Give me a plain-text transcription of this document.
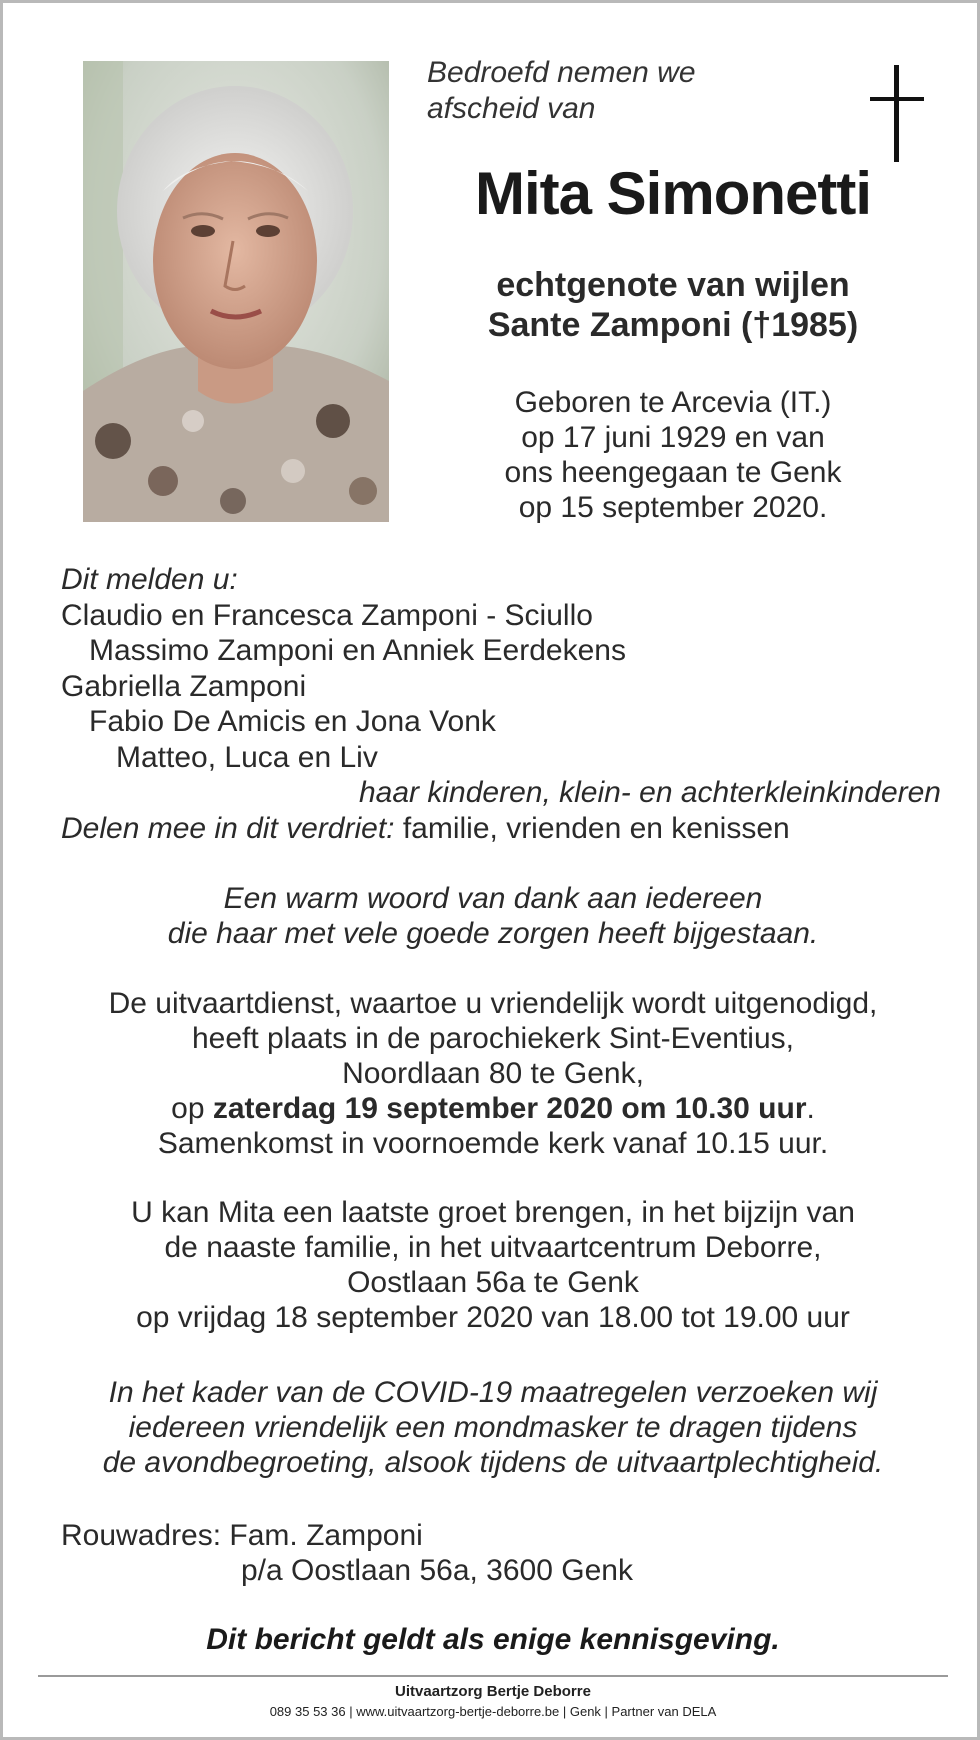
Bedroefd nemen we
afscheid van
Mita Simonetti
echtgenote van wijlen
Sante Zamponi (†1985)
Geboren te Arcevia (IT.)
op 17 juni 1929 en van
ons heengegaan te Genk
op 15 september 2020.
Dit melden u:
Claudio en Francesca Zamponi - Sciullo
Massimo Zamponi en Anniek Eerdekens
Gabriella Zamponi
Fabio De Amicis en Jona Vonk
Matteo, Luca en Liv
haar kinderen, klein- en achterkleinkinderen
Delen mee in dit verdriet: familie, vrienden en kenissen
Een warm woord van dank aan iedereen
die haar met vele goede zorgen heeft bijgestaan.
De uitvaartdienst, waartoe u vriendelijk wordt uitgenodigd,
heeft plaats in de parochiekerk Sint-Eventius,
Noordlaan 80 te Genk,
op zaterdag 19 september 2020 om 10.30 uur.
Samenkomst in voornoemde kerk vanaf 10.15 uur.
U kan Mita een laatste groet brengen, in het bijzijn van
de naaste familie, in het uitvaartcentrum Deborre,
Oostlaan 56a te Genk
op vrijdag 18 september 2020 van 18.00 tot 19.00 uur
In het kader van de COVID-19 maatregelen verzoeken wij
iedereen vriendelijk een mondmasker te dragen tijdens
de avondbegroeting, alsook tijdens de uitvaartplechtigheid.
Rouwadres: Fam. Zamponi
p/a Oostlaan 56a, 3600 Genk
Dit bericht geldt als enige kennisgeving.
Uitvaartzorg Bertje Deborre
089 35 53 36 | www.uitvaartzorg-bertje-deborre.be | Genk | Partner van DELA
